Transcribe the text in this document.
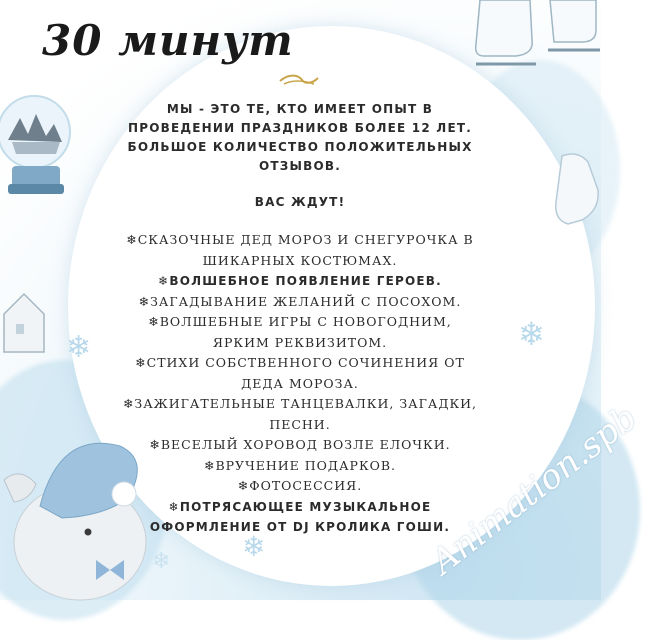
30 минут
❄	❄
❄
❄

МЫ - ЭТО ТЕ, КТО ИМЕЕТ ОПЫТ В
ПРОВЕДЕНИИ ПРАЗДНИКОВ БОЛЕЕ 12 ЛЕТ.
БОЛЬШОЕ КОЛИЧЕСТВО ПОЛОЖИТЕЛЬНЫХ
ОТЗЫВОВ.

ВАС ЖДУТ!

❄СКАЗОЧНЫЕ ДЕД МОРОЗ И СНЕГУРОЧКА В
ШИКАРНЫХ КОСТЮМАХ.
❄ВОЛШЕБНОЕ ПОЯВЛЕНИЕ ГЕРОЕВ.
❄ЗАГАДЫВАНИЕ ЖЕЛАНИЙ С ПОСОХОМ.
❄ВОЛШЕБНЫЕ ИГРЫ С НОВОГОДНИМ,
ЯРКИМ РЕКВИЗИТОМ.
❄СТИХИ СОБСТВЕННОГО СОЧИНЕНИЯ ОТ
ДЕДА МОРОЗА.
❄ЗАЖИГАТЕЛЬНЫЕ ТАНЦЕВАЛКИ, ЗАГАДКИ,
ПЕСНИ.
❄ВЕСЕЛЫЙ ХОРОВОД ВОЗЛЕ ЕЛОЧКИ.
❄ВРУЧЕНИЕ ПОДАРКОВ.
❄ФОТОСЕССИЯ.
❄ПОТРЯСАЮЩЕЕ МУЗЫКАЛЬНОЕ
ОФОРМЛЕНИЕ ОТ DJ КРОЛИКА ГОШИ.
Animation.spb
